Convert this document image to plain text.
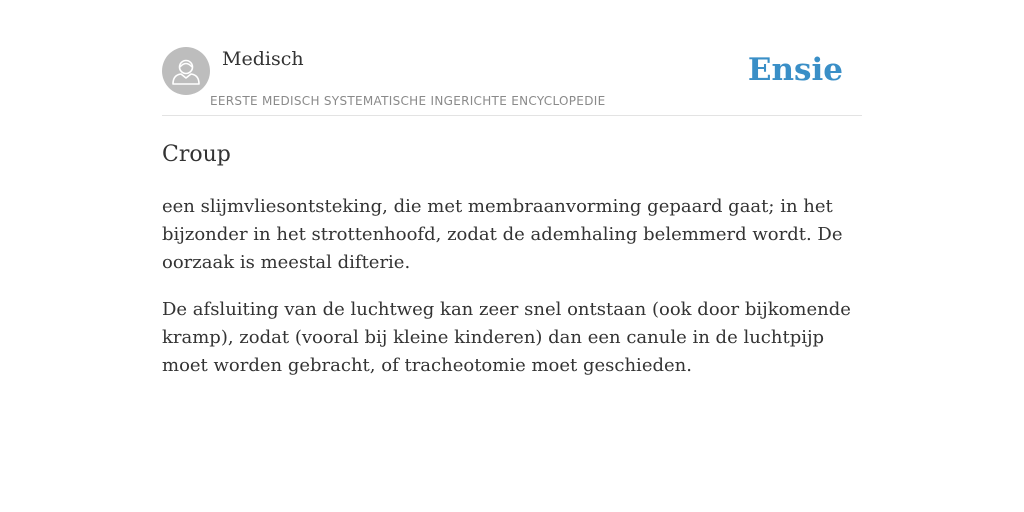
Medisch
EERSTE MEDISCH SYSTEMATISCHE INGERICHTE ENCYCLOPEDIE
Ensie
Croup

een slijmvliesontsteking, die met membraanvorming gepaard gaat; in het bijzonder in het strottenhoofd, zodat de ademhaling belemmerd wordt. De oorzaak is meestal difterie.

De afsluiting van de luchtweg kan zeer snel ontstaan (ook door bijkomende kramp), zodat (vooral bij kleine kinderen) dan een canule in de luchtpijp moet worden gebracht, of tracheotomie moet geschieden.
